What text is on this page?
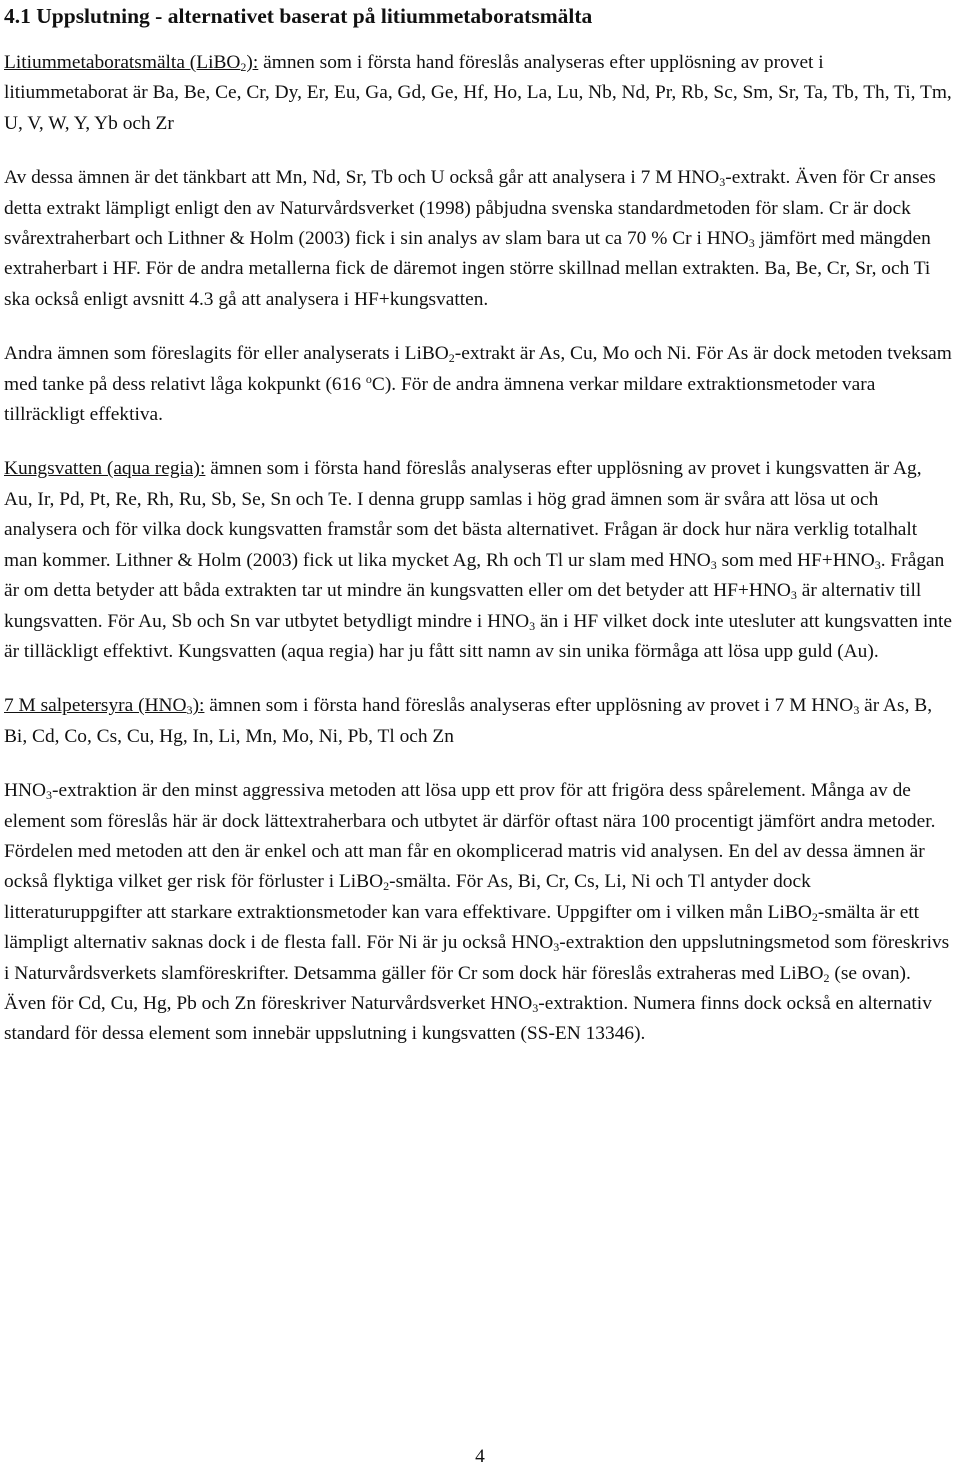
4.1 Uppslutning - alternativet baserat på litiummetaboratsmälta

Litiummetaboratsmälta (LiBO$_2$): ämnen som i första hand föreslås analyseras efter upplösning av provet i litiummetaborat är Ba, Be, Ce, Cr, Dy, Er, Eu, Ga, Gd, Ge, Hf, Ho, La, Lu, Nb, Nd, Pr, Rb, Sc, Sm, Sr, Ta, Tb, Th, Ti, Tm, U, V, W, Y, Yb och Zr

Av dessa ämnen är det tänkbart att Mn, Nd, Sr, Tb och U också går att analysera i 7 M $HNO_3$-extrakt. Även för Cr anses detta extrakt lämpligt enligt den av Naturvårdsverket (1998) påbjudna svenska standardmetoden för slam. Cr är dock svårextraherbart och Lithner & Holm (2003) fick i sin analys av slam bara ut ca 70 % Cr i $HNO_3$ jämfört med mängden extraherbart i HF. För de andra metallerna fick de däremot ingen större skillnad mellan extrakten. Ba, Be, Cr, Sr, och Ti ska också enligt avsnitt 4.3 gå att analysera i HF+kungsvatten.

Andra ämnen som föreslagits för eller analyserats i LiBO$_2$-extrakt är As, Cu, Mo och Ni. För As är dock metoden tveksam med tanke på dess relativt låga kokpunkt (616 $^o$C). För de andra ämnena verkar mildare extraktionsmetoder vara tillräckligt effektiva.

Kungsvatten (aqua regia): ämnen som i första hand föreslås analyseras efter upplösning av provet i kungsvatten är Ag, Au, Ir, Pd, Pt, Re, Rh, Ru, Sb, Se, Sn och Te. I denna grupp samlas i hög grad ämnen som är svåra att lösa ut och analysera och för vilka dock kungsvatten framstår som det bästa alternativet. Frågan är dock hur nära verklig totalhalt man kommer. Lithner & Holm (2003) fick ut lika mycket Ag, Rh och Tl ur slam med $HNO_3$ som med $HF+HNO_3$. Frågan är om detta betyder att båda extrakten tar ut mindre än kungsvatten eller om det betyder att $HF+HNO_3$ är alternativ till kungsvatten. För Au, Sb och Sn var utbytet betydligt mindre i $HNO_3$ än i HF vilket dock inte utesluter att kungsvatten inte är tilläckligt effektivt. Kungsvatten (aqua regia) har ju fått sitt namn av sin unika förmåga att lösa upp guld (Au).

7 M salpetersyra $(HNO_3)$: ämnen som i första hand föreslås analyseras efter upplösning av provet i 7 M $HNO_3$ är As, B, Bi, Cd, Co, Cs, Cu, Hg, In, Li, Mn, Mo, Ni, Pb, Tl och Zn

$HNO_3$-extraktion är den minst aggressiva metoden att lösa upp ett prov för att frigöra dess spårelement. Många av de element som föreslås här är dock lättextraherbara och utbytet är därför oftast nära 100 procentigt jämfört andra metoder. Fördelen med metoden att den är enkel och att man får en okomplicerad matris vid analysen. En del av dessa ämnen är också flyktiga vilket ger risk för förluster i LiBO$_2$-smälta. För As, Bi, Cr, Cs, Li, Ni och Tl antyder dock litteraturuppgifter att starkare extraktionsmetoder kan vara effektivare. Uppgifter om i vilken mån LiBO$_2$-smälta är ett lämpligt alternativ saknas dock i de flesta fall. För Ni är ju också $HNO_3$-extraktion den uppslutningsmetod som föreskrivs i Naturvårdsverkets slamföreskrifter. Detsamma gäller för Cr som dock här föreslås extraheras med LiBO$_2$ (se ovan). Även för Cd, Cu, Hg, Pb och Zn föreskriver Naturvårdsverket $HNO_3$-extraktion. Numera finns dock också en alternativ standard för dessa element som innebär uppslutning i kungsvatten (SS-EN 13346).

4
